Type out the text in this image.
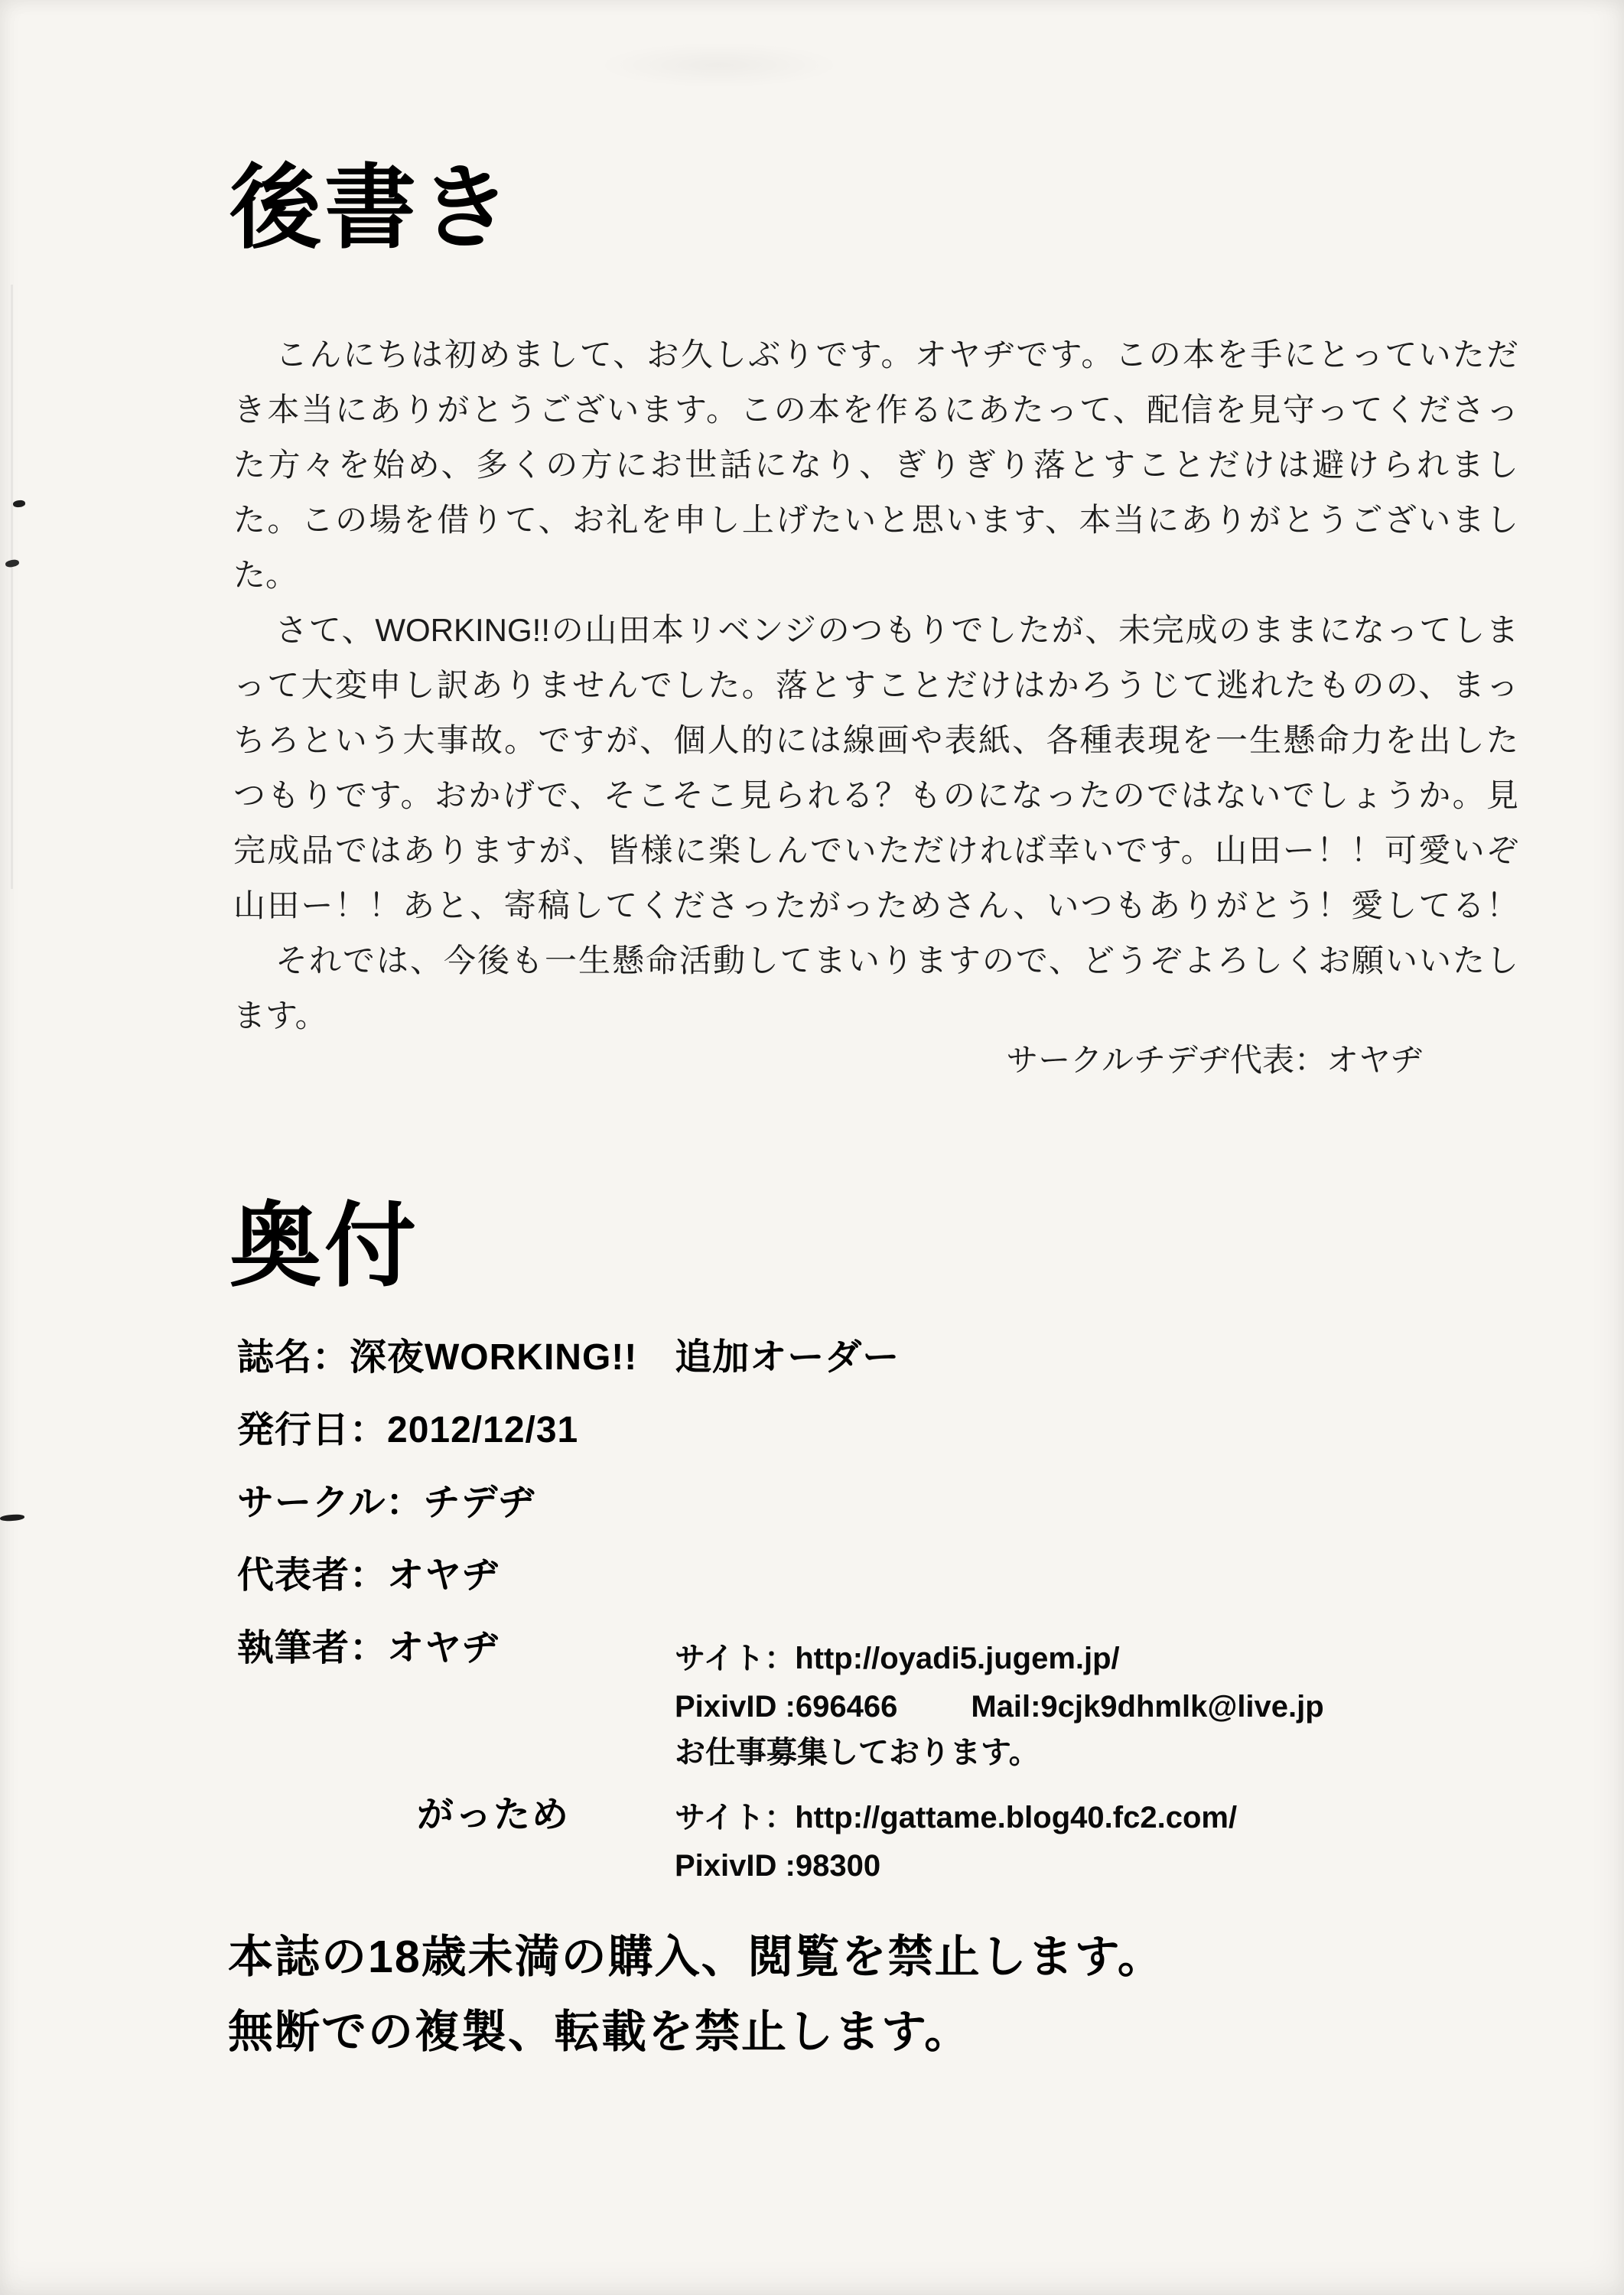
後書き
こんにちは初めまして、お久しぶりです。オヤヂです。この本を手にとっていただ
き本当にありがとうございます。この本を作るにあたって、配信を見守ってくださっ
た方々を始め、多くの方にお世話になり、ぎりぎり落とすことだけは避けられまし
た。この場を借りて、お礼を申し上げたいと思います、本当にありがとうございまし
た。
さて、WORKING!!の山田本リベンジのつもりでしたが、未完成のままになってしま
って大変申し訳ありませんでした。落とすことだけはかろうじて逃れたものの、まっ
ちろという大事故。ですが、個人的には線画や表紙、各種表現を一生懸命力を出した
つもりです。おかげで、そこそこ見られる？ものになったのではないでしょうか。見
完成品ではありますが、皆様に楽しんでいただければ幸いです。山田ー！！可愛いぞ
山田ー！！あと、寄稿してくださったがっためさん、いつもありがとう！愛してる！
それでは、今後も一生懸命活動してまいりますので、どうぞよろしくお願いいたし
ます。
サークルチデヂ代表：オヤヂ
奥付
誌名：深夜WORKING!!　追加オーダー
発行日：2012/12/31
サークル：チデヂ
代表者：オヤヂ
執筆者：オヤヂ	サイト：http://oyadi5.jugem.jp/
PixivID :696466 Mail:9cjk9dhmlk@live.jp
お仕事募集しております。
がっため	サイト：http://gattame.blog40.fc2.com/
PixivID :98300
本誌の18歳未満の購入、閲覧を禁止します。
無断での複製、転載を禁止します。
